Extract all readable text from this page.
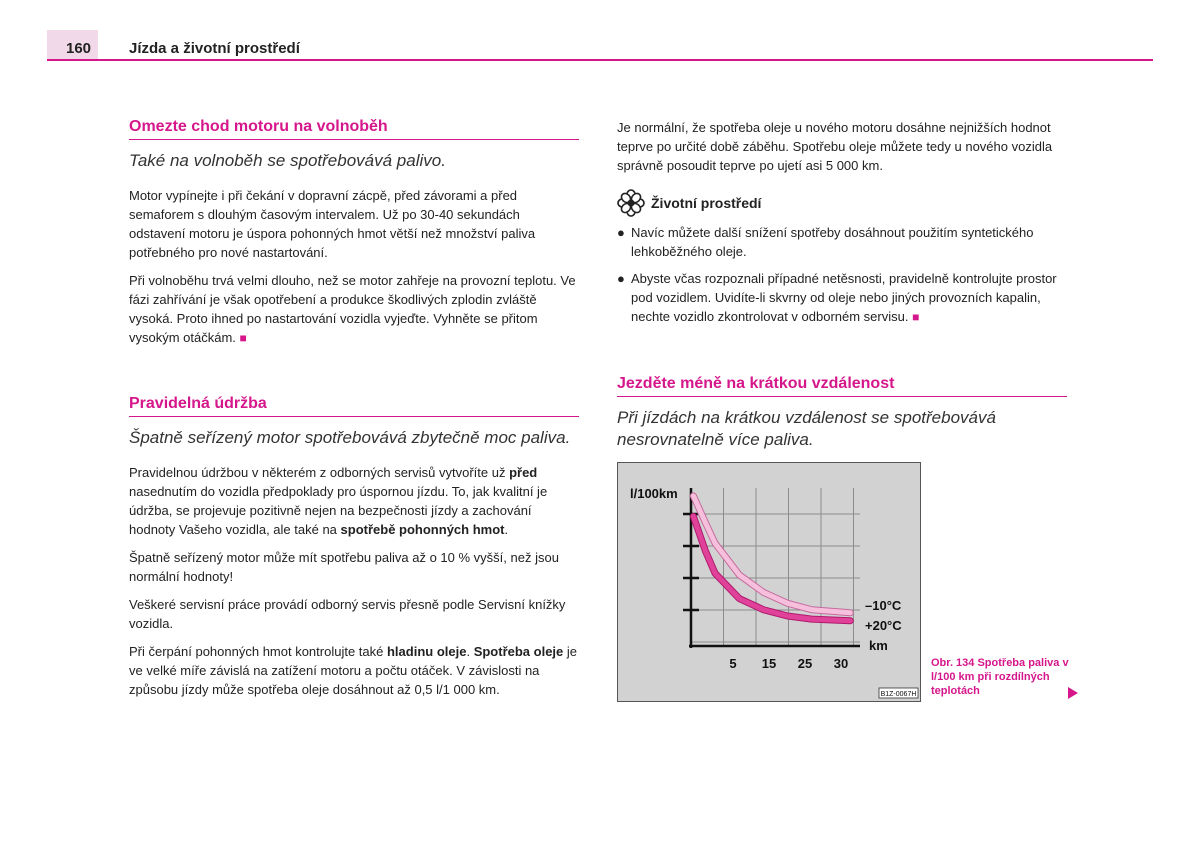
160	Jízda a životní prostředí
Omezte chod motoru na volnoběh
Také na volnoběh se spotřebovává palivo.

Motor vypínejte i při čekání v dopravní zácpě, před závorami a před semaforem s dlouhým časovým intervalem. Už po 30-40 sekundách odstavení motoru je úspora pohonných hmot větší než množství paliva potřebného pro nové nastartování.

Při volnoběhu trvá velmi dlouho, než se motor zahřeje na provozní teplotu. Ve fázi zahřívání je však opotřebení a produkce škodlivých zplodin zvláště vysoká. Proto ihned po nastartování vozidla vyjeďte. Vyhněte se přitom vysokým otáčkám. ■

Pravidelná údržba
Špatně seřízený motor spotřebovává zbytečně moc paliva.

Pravidelnou údržbou v některém z odborných servisů vytvoříte už před nasednutím do vozidla předpoklady pro úspornou jízdu. To, jak kvalitní je údržba, se projevuje pozitivně nejen na bezpečnosti jízdy a zachování hodnoty Vašeho vozidla, ale také na spotřebě pohonných hmot.

Špatně seřízený motor může mít spotřebu paliva až o 10 % vyšší, než jsou normální hodnoty!

Veškeré servisní práce provádí odborný servis přesně podle Servisní knížky vozidla.

Při čerpání pohonných hmot kontrolujte také hladinu oleje. Spotřeba oleje je ve velké míře závislá na zatížení motoru a počtu otáček. V závislosti na způsobu jízdy může spotřeba oleje dosáhnout až 0,5 l/1 000 km.

Je normální, že spotřeba oleje u nového motoru dosáhne nejnižších hodnot teprve po určité době záběhu. Spotřebu oleje můžete tedy u nového vozidla správně posoudit teprve po ujetí asi 5 000 km.

Životní prostředí
● Navíc můžete další snížení spotřeby dosáhnout použitím syntetického lehkoběžného oleje.
● Abyste včas rozpoznali případné netěsnosti, pravidelně kontrolujte prostor pod vozidlem. Uvidíte-li skvrny od oleje nebo jiných provozních kapalin, nechte vozidlo zkontrolovat v odborném servisu. ■
Jezděte méně na krátkou vzdálenost
Při jízdách na krátkou vzdálenost se spotřebovává nesrovnatelně více paliva.
–10°C
+20°C
l/100km
km
5 15 25 30
B1Z-0067H
Obr. 134 Spotřeba paliva v l/100 km při rozdílných teplotách
